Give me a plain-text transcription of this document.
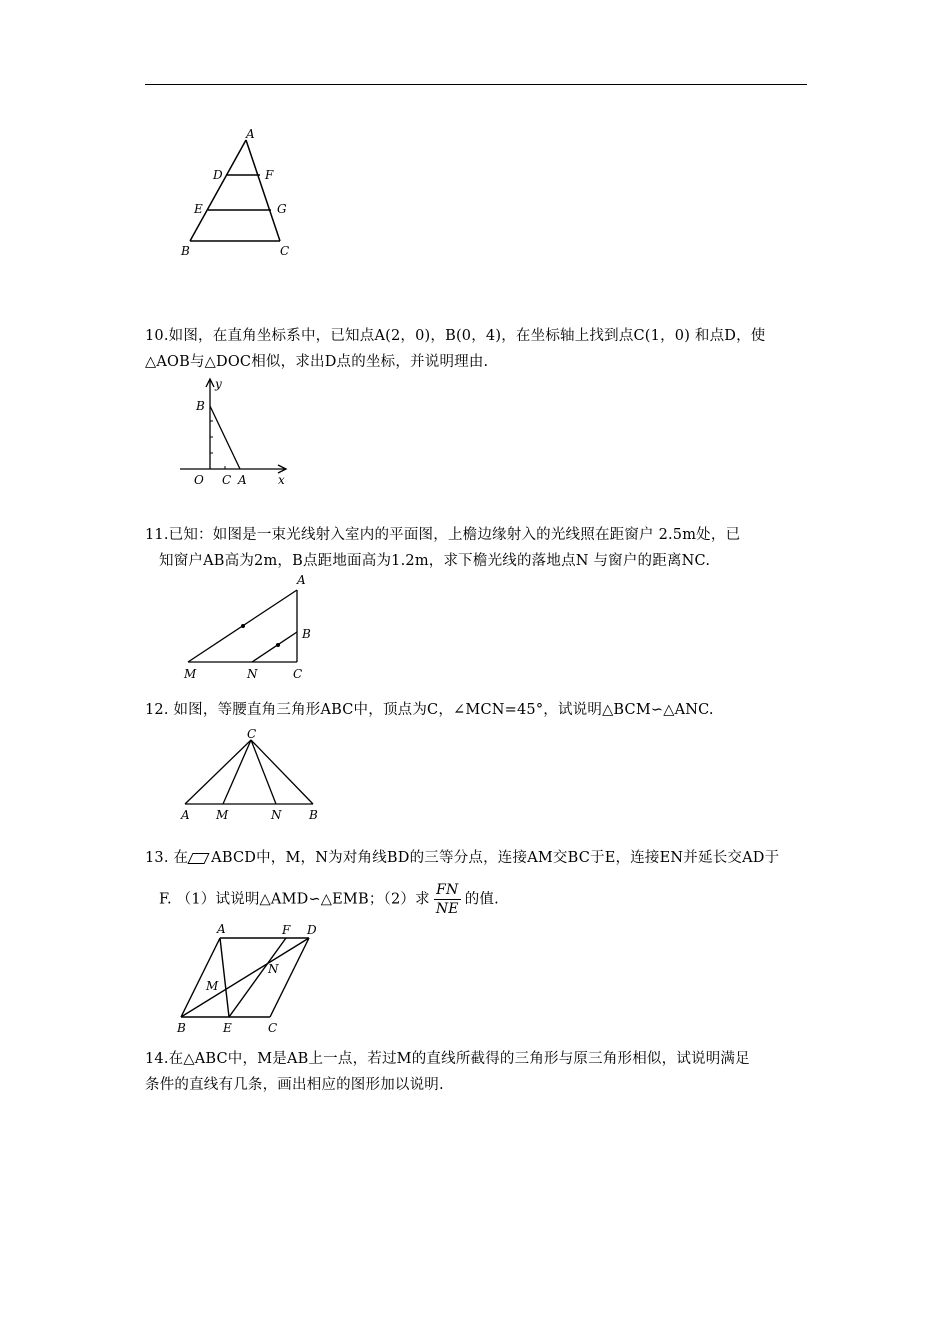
A
D	F
E	G
B	C

10.如图，在直角坐标系中，已知点A(2，0)，B(0，4)，在坐标轴上找到点C(1，0) 和点D，使

△AOB与△DOC相似，求出D点的坐标，并说明理由.

y
B
O C A	x

11.已知：如图是一束光线射入室内的平面图，上檐边缘射入的光线照在距窗户 2.5m处，已

知窗户AB高为2m，B点距地面高为1.2m，求下檐光线的落地点N 与窗户的距离NC.

A
B
M	N	C

12. 如图，等腰直角三角形ABC中，顶点为C，∠MCN=45°，试说明△BCM∽△ANC.

C
A M	N B

13. 在 ABCD中，M，N为对角线BD的三等分点，连接AM交BC于E，连接EN并延长交AD于

F. （1）试说明△AMD∽△EMB；（2）求 $\frac{FN}{NE}$ 的值.

A	F D
N
M
B	E	C

14.在△ABC中，M是AB上一点，若过M的直线所截得的三角形与原三角形相似，试说明满足

条件的直线有几条，画出相应的图形加以说明.
